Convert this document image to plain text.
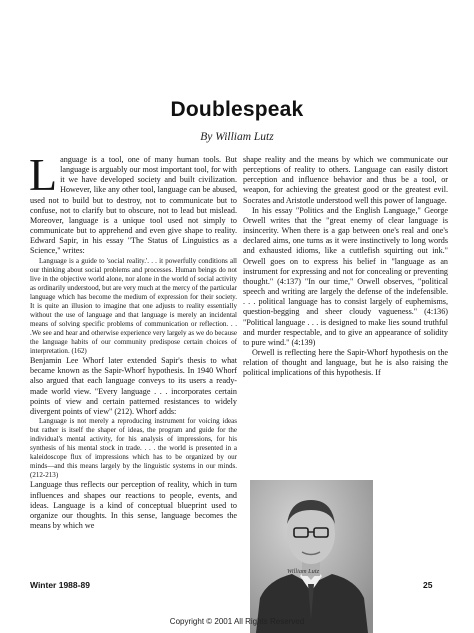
Doublespeak
By William Lutz

Language is a tool, one of many human tools. But language is arguably our most important tool, for with it we have developed society and built civilization. However, like any other tool, language can be abused, used not to build but to destroy, not to communicate but to confuse, not to clarify but to obscure, not to lead but mislead. Moreover, language is a unique tool used not simply to communicate but to apprehend and even give shape to reality. Edward Sapir, in his essay "The Status of Linguistics as a Science," writes:

Language is a guide to 'social reality.'. . . it powerfully conditions all our thinking about social problems and processes. Human beings do not live in the objective world alone, nor alone in the world of social activity as ordinarily understood, but are very much at the mercy of the particular language which has become the medium of expression for their society. It is quite an illusion to imagine that one adjusts to reality essentially without the use of language and that language is merely an incidental means of solving specific problems of communication or reflection. . . .We see and hear and otherwise experience very largely as we do because the language habits of our community predispose certain choices of interpretation. (162)

Benjamin Lee Whorf later extended Sapir's thesis to what became known as the Sapir-Whorf hypothesis. In 1940 Whorf also argued that each language conveys to its users a ready-made world view. "Every language . . . incorporates certain points of view and certain patterned resistances to widely divergent points of view" (212). Whorf adds:

Language is not merely a reproducing instrument for voicing ideas but rather is itself the shaper of ideas, the program and guide for the individual's mental activity, for his analysis of impressions, for his synthesis of his mental stock in trade. . . . the world is presented in a kaleidoscope flux of impressions which has to be organized by our minds—and this means largely by the linguistic systems in our minds. (212-213)

Language thus reflects our perception of reality, which in turn influences and shapes our reactions to people, events, and ideas. Language is a kind of conceptual blueprint used to organize our thoughts. In this sense, language becomes the means by which we

shape reality and the means by which we communicate our perceptions of reality to others. Language can easily distort perception and influence behavior and thus be a tool, or weapon, for achieving the greatest good or the greatest evil. Socrates and Aristotle understood well this power of language.

In his essay "Politics and the English Language," George Orwell writes that the "great enemy of clear language is insincerity. When there is a gap between one's real and one's declared aims, one turns as it were instinctively to long words and exhausted idioms, like a cuttlefish squirting out ink." Orwell goes on to express his belief in "language as an instrument for expressing and not for concealing or preventing thought." (4:137) "In our time," Orwell observes, "political speech and writing are largely the defense of the indefensible. . . . political language has to consist largely of euphemisms, question-begging and sheer cloudy vagueness." (4:136) "Political language . . . is designed to make lies sound truthful and murder respectable, and to give an appearance of solidity to pure wind." (4:139)

Orwell is reflecting here the Sapir-Whorf hypothesis on the relation of thought and language, but he is also raising the political implications of this hypothesis. If

William Lutz
Winter 1988-89	25
Copyright © 2001 All Rights Reserved
